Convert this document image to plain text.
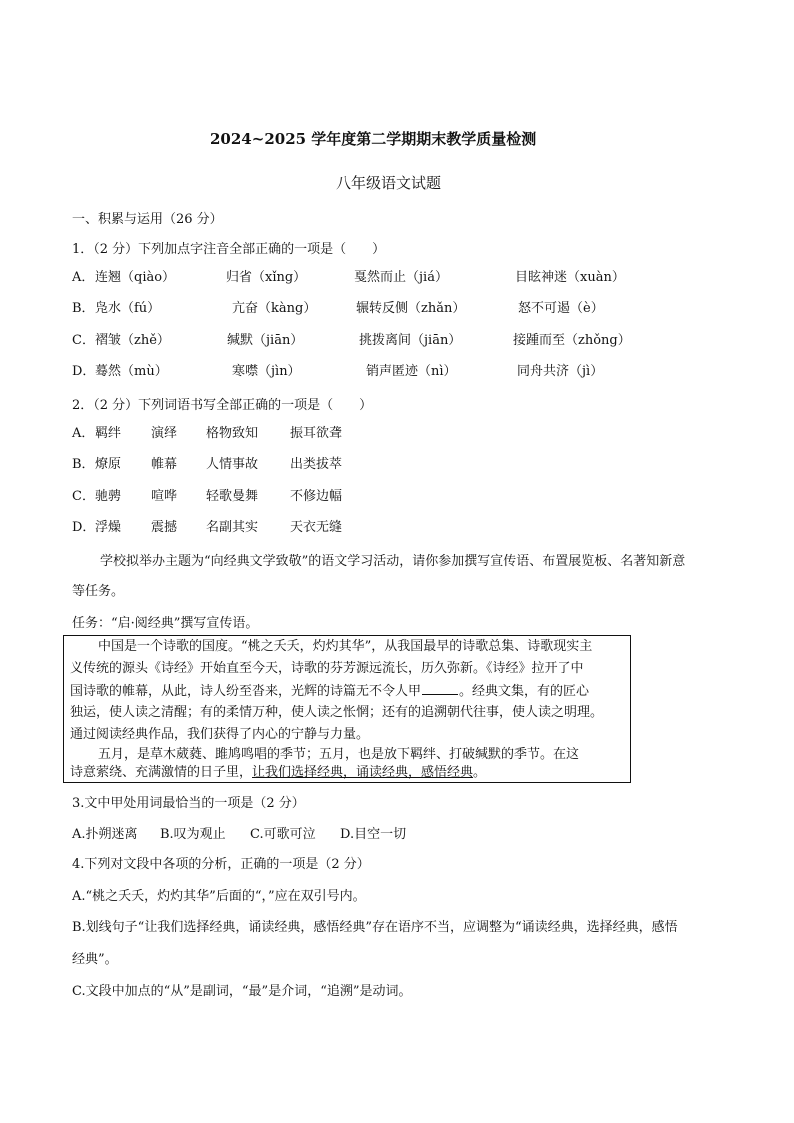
2024~2025 学年度第二学期期末教学质量检测
八年级语文试题
一、积累与运用（26 分）
1．（2 分）下列加点字注音全部正确的一项是（　　）
A． 连翘（qiào）	归省（xǐng）	戛然而止（jiá）	目眩神迷（xuàn）
B． 凫水（fú）	亢奋（kàng）	辗转反侧（zhǎn）	怒不可遏（è）
C． 褶皱（zhě）	缄默（jiān）	挑拨离间（jiān）	接踵而至（zhǒng）
D． 蓦然（mù）	寒噤（jìn）	销声匿迹（nì）	同舟共济（jì）
2．（2 分）下列词语书写全部正确的一项是（　　）
A． 羁绊 演绎 格物致知 振耳欲聋
B． 燎原 帷幕 人情事故 出类拔萃
C． 驰骋 喧哗 轻歌曼舞 不修边幅
D． 浮燥 震撼 名副其实 天衣无缝
学校拟举办主题为“向经典文学致敬”的语文学习活动，请你参加撰写宣传语、布置展览板、名著知新意
等任务。
任务：“启·阅经典”撰写宣传语。
中国是一个诗歌的国度。“桃之夭夭，灼灼其华”，从我国最早的诗歌总集、诗歌现实主
义传统的源头《诗经》开始直至今天，诗歌的芬芳源远流长，历久弥新。《诗经》拉开了中
国诗歌的帷幕，从此，诗人纷至沓来，光辉的诗篇无不令人甲	。经典文集，有的匠心
独运，使人读之清醒；有的柔情万种，使人读之怅惘；还有的追溯朝代往事，使人读之明理。
通过阅读经典作品，我们获得了内心的宁静与力量。
五月，是草木葳蕤、雎鸠鸣唱的季节；五月，也是放下羁绊、打破缄默的季节。在这
诗意萦绕、充满激情的日子里，让我们选择经典，诵读经典，感悟经典。
3.文中甲处用词最恰当的一项是（2 分）
A.扑朔迷离 B.叹为观止 C.可歌可泣 D.目空一切
4.下列对文段中各项的分析，正确的一项是（2 分）
A.“桃之夭夭，灼灼其华”后面的“，”应在双引号内。
B.划线句子“让我们选择经典，诵读经典，感悟经典”存在语序不当，应调整为“诵读经典，选择经典，感悟
经典”。
C.文段中加点的“从”是副词，“最”是介词，“追溯”是动词。
